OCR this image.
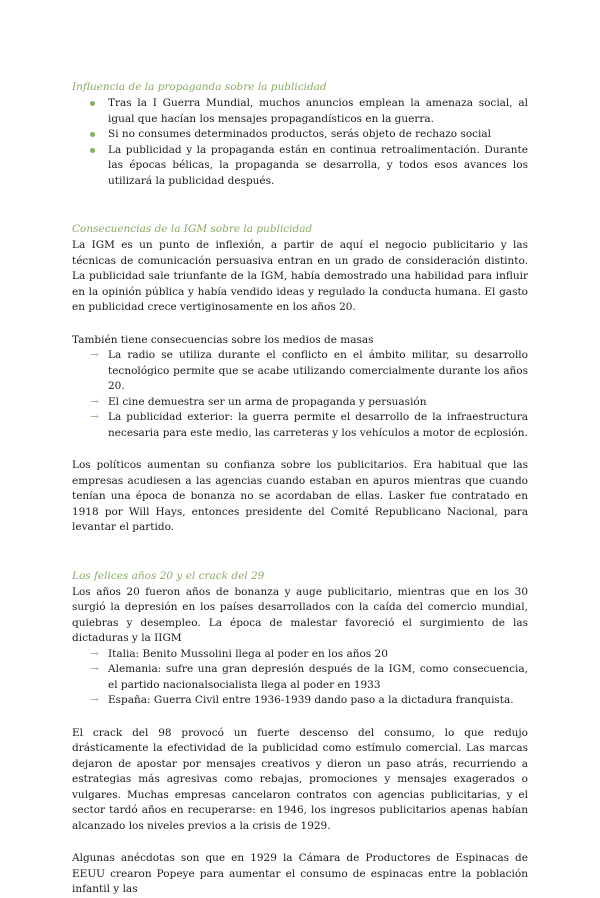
Influencia de la propaganda sobre la publicidad
Tras la I Guerra Mundial, muchos anuncios emplean la amenaza social, al igual que hacían los mensajes propagandísticos en la guerra.
Si no consumes determinados productos, serás objeto de rechazo social
La publicidad y la propaganda están en continua retroalimentación. Durante las épocas bélicas, la propaganda se desarrolla, y todos esos avances los utilizará la publicidad después.
Consecuencias de la IGM sobre la publicidad

La IGM es un punto de inflexión, a partir de aquí el negocio publicitario y las técnicas de comunicación persuasiva entran en un grado de consideración distinto. La publicidad sale triunfante de la IGM, había demostrado una habilidad para influir en la opinión pública y había vendido ideas y regulado la conducta humana. El gasto en publicidad crece vertiginosamente en los años 20.

También tiene consecuencias sobre los medios de masas

→ La radio se utiliza durante el conflicto en el ámbito militar, su desarrollo tecnológico permite que se acabe utilizando comercialmente durante los años 20.
→ El cine demuestra ser un arma de propaganda y persuasión
→ La publicidad exterior: la guerra permite el desarrollo de la infraestructura necesaria para este medio, las carreteras y los vehículos a motor de ecplosión.

Los políticos aumentan su confianza sobre los publicitarios. Era habitual que las empresas acudiesen a las agencias cuando estaban en apuros mientras que cuando tenían una época de bonanza no se acordaban de ellas. Lasker fue contratado en 1918 por Will Hays, entonces presidente del Comité Republicano Nacional, para levantar el partido.

Los felices años 20 y el crack del 29

Los años 20 fueron años de bonanza y auge publicitario, mientras que en los 30 surgió la depresión en los países desarrollados con la caída del comercio mundial, quiebras y desempleo. La época de malestar favoreció el surgimiento de las dictaduras y la IIGM

→ Italia: Benito Mussolini llega al poder en los años 20
→ Alemania: sufre una gran depresión después de la IGM, como consecuencia, el partido nacionalsocialista llega al poder en 1933
→ España: Guerra Civil entre 1936-1939 dando paso a la dictadura franquista.

El crack del 98 provocó un fuerte descenso del consumo, lo que redujo drásticamente la efectividad de la publicidad como estímulo comercial. Las marcas dejaron de apostar por mensajes creativos y dieron un paso atrás, recurriendo a estrategias más agresivas como rebajas, promociones y mensajes exagerados o vulgares. Muchas empresas cancelaron contratos con agencias publicitarias, y el sector tardó años en recuperarse: en 1946, los ingresos publicitarios apenas habían alcanzado los niveles previos a la crisis de 1929.

Algunas anécdotas son que en 1929 la Cámara de Productores de Espinacas de EEUU crearon Popeye para aumentar el consumo de espinacas entre la población infantil y las
